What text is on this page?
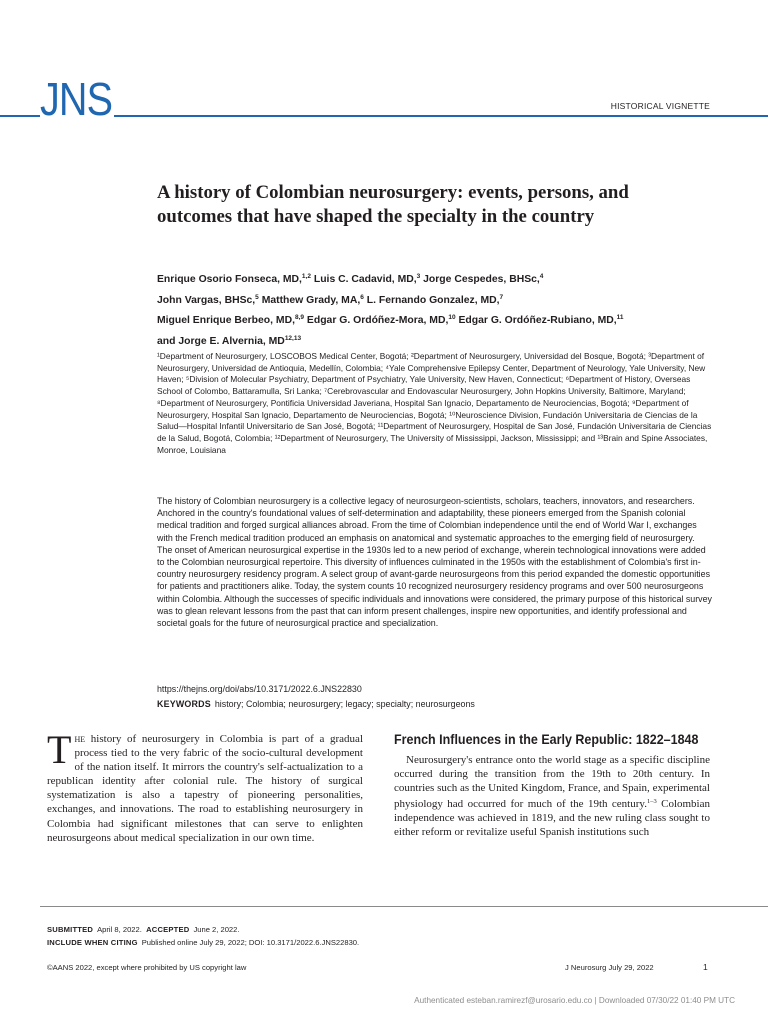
JNS	HISTORICAL VIGNETTE
A history of Colombian neurosurgery: events, persons, and outcomes that have shaped the specialty in the country
Enrique Osorio Fonseca, MD,$^{1,2}$ Luis C. Cadavid, MD,$^3$ Jorge Cespedes, BHSc,$^4$
John Vargas, BHSc,$^5$ Matthew Grady, MA,$^6$ L. Fernando Gonzalez, MD,$^7$
Miguel Enrique Berbeo, MD,$^{8,9}$ Edgar G. Ordóñez-Mora, MD,$^{10}$ Edgar G. Ordóñez-Rubiano, MD,$^{11}$
and Jorge E. Alvernia, MD$^{12,13}$
¹Department of Neurosurgery, LOSCOBOS Medical Center, Bogotá; ²Department of Neurosurgery, Universidad del Bosque, Bogotá; ³Department of Neurosurgery, Universidad de Antioquia, Medellín, Colombia; ⁴Yale Comprehensive Epilepsy Center, Department of Neurology, Yale University, New Haven; ⁵Division of Molecular Psychiatry, Department of Psychiatry, Yale University, New Haven, Connecticut; ⁶Department of History, Overseas School of Colombo, Battaramulla, Sri Lanka; ⁷Cerebrovascular and Endovascular Neurosurgery, John Hopkins University, Baltimore, Maryland; ⁸Department of Neurosurgery, Pontificia Universidad Javeriana, Hospital San Ignacio, Departamento de Neurociencias, Bogotá; ⁹Department of Neurosurgery, Hospital San Ignacio, Departamento de Neurociencias, Bogotá; ¹⁰Neuroscience Division, Fundación Universitaria de Ciencias de la Salud—Hospital Infantil Universitario de San José, Bogotá; ¹¹Department of Neurosurgery, Hospital de San José, Fundación Universitaria de Ciencias de la Salud, Bogotá, Colombia; ¹²Department of Neurosurgery, The University of Mississippi, Jackson, Mississippi; and ¹³Brain and Spine Associates, Monroe, Louisiana
The history of Colombian neurosurgery is a collective legacy of neurosurgeon-scientists, scholars, teachers, innovators, and researchers. Anchored in the country's foundational values of self-determination and adaptability, these pioneers emerged from the Spanish colonial medical tradition and forged surgical alliances abroad. From the time of Colombian independence until the end of World War I, exchanges with the French medical tradition produced an emphasis on anatomical and systematic approaches to the emerging field of neurosurgery. The onset of American neurosurgical expertise in the 1930s led to a new period of exchange, wherein technological innovations were added to the Colombian neurosurgical repertoire. This diversity of influences culminated in the 1950s with the establishment of Colombia's first in-country neurosurgery residency program. A select group of avant-garde neurosurgeons from this period expanded the domestic opportunities for patients and practitioners alike. Today, the system counts 10 recognized neurosurgery residency programs and over 500 neurosurgeons within Colombia. Although the successes of specific individuals and innovations were considered, the primary purpose of this historical survey was to glean relevant lessons from the past that can inform present challenges, inspire new opportunities, and identify professional and societal goals for the future of neurosurgical practice and specialization.
https://thejns.org/doi/abs/10.3171/2022.6.JNS22830
KEYWORDS history; Colombia; neurosurgery; legacy; specialty; neurosurgeons
The history of neurosurgery in Colombia is part of a gradual process tied to the very fabric of the socio-cultural development of the nation itself. It mirrors the country's self-actualization to a republican identity after colonial rule. The history of surgical systematization is also a tapestry of pioneering personalities, exchanges, and innovations. The road to establishing neurosurgery in Colombia had significant milestones that can serve to enlighten neurosurgeons about medical specialization in our own time.
French Influences in the Early Republic: 1822–1848

Neurosurgery's entrance onto the world stage as a specific discipline occurred during the transition from the 19th to 20th century. In countries such as the United Kingdom, France, and Spain, experimental physiology had occurred for much of the 19th century.$^{1-3}$ Colombian independence was achieved in 1819, and the new ruling class sought to either reform or revitalize useful Spanish institutions such

SUBMITTED April 8, 2022. ACCEPTED June 2, 2022.
INCLUDE WHEN CITING Published online July 29, 2022; DOI: 10.3171/2022.6.JNS22830.
©AANS 2022, except where prohibited by US copyright law	J Neurosurg July 29, 2022	1
Authenticated esteban.ramirezf@urosario.edu.co | Downloaded 07/30/22 01:40 PM UTC
